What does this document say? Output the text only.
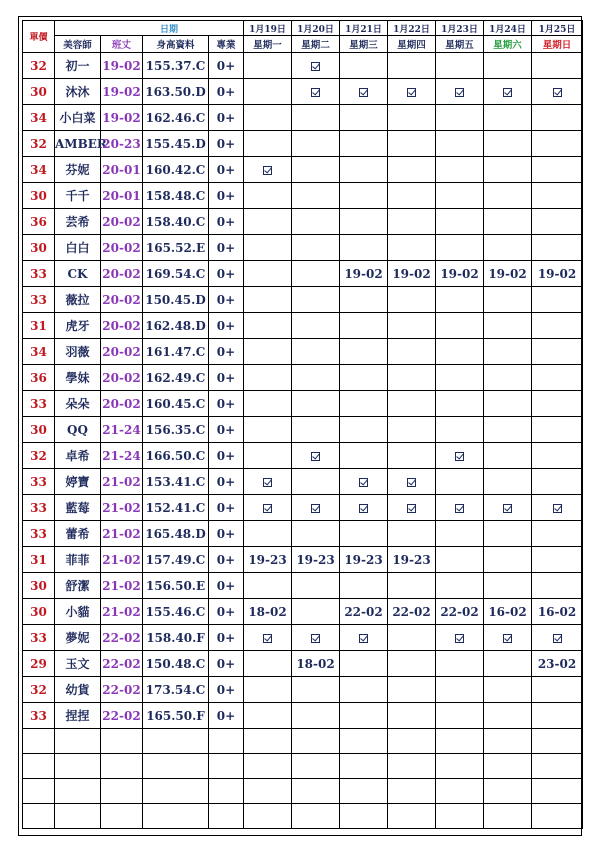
單價	日期				1月19日	1月20日	1月21日	1月22日	1月23日	1月24日	1月25日
	美容師	班丈	身高資料	專業	星期一	星期二	星期三	星期四	星期五	星期六	星期日
32	初一	19-02	155.37.C	0+							
30	沐沐	19-02	163.50.D	0+							
34	小白菜	19-02	162.46.C	0+							
32	AMBER	20-23	155.45.D	0+							
34	芬妮	20-01	160.42.C	0+							
30	千千	20-01	158.48.C	0+							
36	芸希	20-02	158.40.C	0+							
30	白白	20-02	165.52.E	0+							
33	CK	20-02	169.54.C	0+			19-02	19-02	19-02	19-02	19-02
33	薇拉	20-02	150.45.D	0+							
31	虎牙	20-02	162.48.D	0+							
34	羽薇	20-02	161.47.C	0+							
36	學妹	20-02	162.49.C	0+							
33	朵朵	20-02	160.45.C	0+							
30	QQ	21-24	156.35.C	0+							
32	卓希	21-24	166.50.C	0+							
33	婷寶	21-02	153.41.C	0+							
33	藍莓	21-02	152.41.C	0+							
33	蕾希	21-02	165.48.D	0+							
31	菲菲	21-02	157.49.C	0+	19-23	19-23	19-23	19-23			
30	舒潔	21-02	156.50.E	0+							
30	小貓	21-02	155.46.C	0+	18-02		22-02	22-02	22-02	16-02	16-02
33	夢妮	22-02	158.40.F	0+							
29	玉文	22-02	150.48.C	0+		18-02					23-02
32	幼貨	22-02	173.54.C	0+							
33	捏捏	22-02	165.50.F	0+							
